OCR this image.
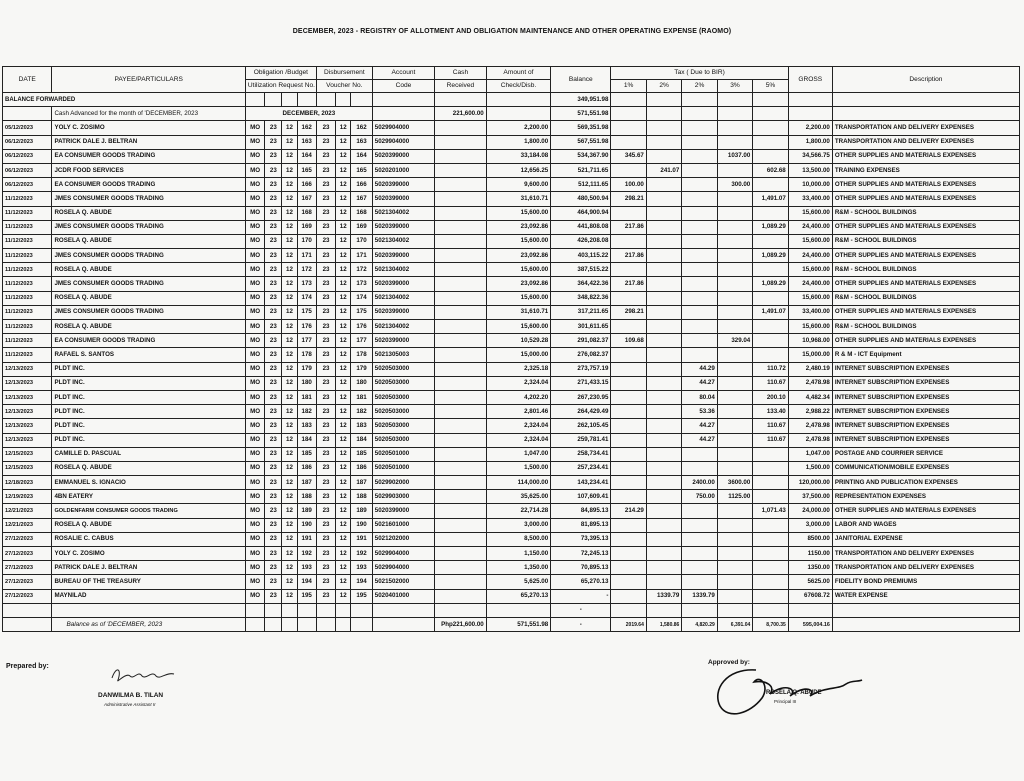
DECEMBER, 2023 - REGISTRY OF ALLOTMENT AND OBLIGATION MAINTENANCE AND OTHER OPERATING EXPENSE (RAOMO)
DATE	PAYEE/PARTICULARS	Obligation /Budget				Disbursement			Account	Cash	Amount of	Balance	Tax ( Due to BIR)					GROSS	Description
		Utilization Request No.				Voucher No.			Code	Received	Check/Disb.		1%	2%	2%	3%	5%		
BALANCE FORWARDED												349,951.98							
	Cash Advanced for the month of 'DECEMBER, 2023	DECEMBER, 2023								221,600.00		571,551.98							
05/12/2023	YOLY C. ZOSIMO	MO	23	12	162	23	12	162	5029904000		2,200.00	569,351.98						2,200.00	TRANSPORTATION AND DELIVERY EXPENSES
06/12/2023	PATRICK DALE J. BELTRAN	MO	23	12	163	23	12	163	5029904000		1,800.00	567,551.98						1,800.00	TRANSPORTATION AND DELIVERY EXPENSES
06/12/2023	EA CONSUMER GOODS TRADING	MO	23	12	164	23	12	164	5020399000		33,184.08	534,367.90	345.67			1037.00		34,566.75	OTHER SUPPLIES AND MATERIALS EXPENSES
06/12/2023	JCDR FOOD SERVICES	MO	23	12	165	23	12	165	5020201000		12,656.25	521,711.65		241.07			602.68	13,500.00	TRAINING EXPENSES
06/12/2023	EA CONSUMER GOODS TRADING	MO	23	12	166	23	12	166	5020399000		9,600.00	512,111.65	100.00			300.00		10,000.00	OTHER SUPPLIES AND MATERIALS EXPENSES
11/12/2023	JMES CONSUMER GOODS TRADING	MO	23	12	167	23	12	167	5020399000		31,610.71	480,500.94	298.21				1,491.07	33,400.00	OTHER SUPPLIES AND MATERIALS EXPENSES
11/12/2023	ROSELA Q. ABUDE	MO	23	12	168	23	12	168	5021304002		15,600.00	464,900.94						15,600.00	R&M - SCHOOL BUILDINGS
11/12/2023	JMES CONSUMER GOODS TRADING	MO	23	12	169	23	12	169	5020399000		23,092.86	441,808.08	217.86				1,089.29	24,400.00	OTHER SUPPLIES AND MATERIALS EXPENSES
11/12/2023	ROSELA Q. ABUDE	MO	23	12	170	23	12	170	5021304002		15,600.00	426,208.08						15,600.00	R&M - SCHOOL BUILDINGS
11/12/2023	JMES CONSUMER GOODS TRADING	MO	23	12	171	23	12	171	5020399000		23,092.86	403,115.22	217.86				1,089.29	24,400.00	OTHER SUPPLIES AND MATERIALS EXPENSES
11/12/2023	ROSELA Q. ABUDE	MO	23	12	172	23	12	172	5021304002		15,600.00	387,515.22						15,600.00	R&M - SCHOOL BUILDINGS
11/12/2023	JMES CONSUMER GOODS TRADING	MO	23	12	173	23	12	173	5020399000		23,092.86	364,422.36	217.86				1,089.29	24,400.00	OTHER SUPPLIES AND MATERIALS EXPENSES
11/12/2023	ROSELA Q. ABUDE	MO	23	12	174	23	12	174	5021304002		15,600.00	348,822.36						15,600.00	R&M - SCHOOL BUILDINGS
11/12/2023	JMES CONSUMER GOODS TRADING	MO	23	12	175	23	12	175	5020399000		31,610.71	317,211.65	298.21				1,491.07	33,400.00	OTHER SUPPLIES AND MATERIALS EXPENSES
11/12/2023	ROSELA Q. ABUDE	MO	23	12	176	23	12	176	5021304002		15,600.00	301,611.65						15,600.00	R&M - SCHOOL BUILDINGS
11/12/2023	EA CONSUMER GOODS TRADING	MO	23	12	177	23	12	177	5020399000		10,529.28	291,082.37	109.68			329.04		10,968.00	OTHER SUPPLIES AND MATERIALS EXPENSES
11/12/2023	RAFAEL S. SANTOS	MO	23	12	178	23	12	178	5021305003		15,000.00	276,082.37						15,000.00	R & M - ICT Equipment
12/13/2023	PLDT INC.	MO	23	12	179	23	12	179	5020503000		2,325.18	273,757.19			44.29		110.72	2,480.19	INTERNET SUBSCRIPTION EXPENSES
12/13/2023	PLDT INC.	MO	23	12	180	23	12	180	5020503000		2,324.04	271,433.15			44.27		110.67	2,478.98	INTERNET SUBSCRIPTION EXPENSES
12/13/2023	PLDT INC.	MO	23	12	181	23	12	181	5020503000		4,202.20	267,230.95			80.04		200.10	4,482.34	INTERNET SUBSCRIPTION EXPENSES
12/13/2023	PLDT INC.	MO	23	12	182	23	12	182	5020503000		2,801.46	264,429.49			53.36		133.40	2,988.22	INTERNET SUBSCRIPTION EXPENSES
12/13/2023	PLDT INC.	MO	23	12	183	23	12	183	5020503000		2,324.04	262,105.45			44.27		110.67	2,478.98	INTERNET SUBSCRIPTION EXPENSES
12/13/2023	PLDT INC.	MO	23	12	184	23	12	184	5020503000		2,324.04	259,781.41			44.27		110.67	2,478.98	INTERNET SUBSCRIPTION EXPENSES
12/15/2023	CAMILLE D. PASCUAL	MO	23	12	185	23	12	185	5020501000		1,047.00	258,734.41						1,047.00	POSTAGE AND COURRIER SERVICE
12/15/2023	ROSELA Q. ABUDE	MO	23	12	186	23	12	186	5020501000		1,500.00	257,234.41						1,500.00	COMMUNICATION/MOBILE EXPENSES
12/18/2023	EMMANUEL S. IGNACIO	MO	23	12	187	23	12	187	5029902000		114,000.00	143,234.41			2400.00	3600.00		120,000.00	PRINTING AND PUBLICATION EXPENSES
12/19/2023	4BN EATERY	MO	23	12	188	23	12	188	5029903000		35,625.00	107,609.41			750.00	1125.00		37,500.00	REPRESENTATION EXPENSES
12/21/2023	GOLDENFARM CONSUMER GOODS TRADING	MO	23	12	189	23	12	189	5020399000		22,714.28	84,895.13	214.29				1,071.43	24,000.00	OTHER SUPPLIES AND MATERIALS EXPENSES
12/21/2023	ROSELA Q. ABUDE	MO	23	12	190	23	12	190	5021601000		3,000.00	81,895.13						3,000.00	LABOR AND WAGES
27/12/2023	ROSALIE C. CABUS	MO	23	12	191	23	12	191	5021202000		8,500.00	73,395.13						8500.00	JANITORIAL EXPENSE
27/12/2023	YOLY C. ZOSIMO	MO	23	12	192	23	12	192	5029904000		1,150.00	72,245.13						1150.00	TRANSPORTATION AND DELIVERY EXPENSES
27/12/2023	PATRICK DALE J. BELTRAN	MO	23	12	193	23	12	193	5029904000		1,350.00	70,895.13						1350.00	TRANSPORTATION AND DELIVERY EXPENSES
27/12/2023	BUREAU OF THE TREASURY	MO	23	12	194	23	12	194	5021502000		5,625.00	65,270.13						5625.00	FIDELITY BOND PREMIUMS
27/12/2023	MAYNILAD	MO	23	12	195	23	12	195	5020401000		65,270.13	-		1339.79	1339.79			67608.72	WATER EXPENSE
												-							
	Balance as of 'DECEMBER, 2023									Php221,600.00	571,551.98	-	2019.64	1,580.86	4,820.29	6,391.04	8,700.35	595,004.16	
Prepared by:
DANWILMA B. TILAN
Administrative Assistant II
Approved by:
ROSELA Q. ABUDE
Principal III
